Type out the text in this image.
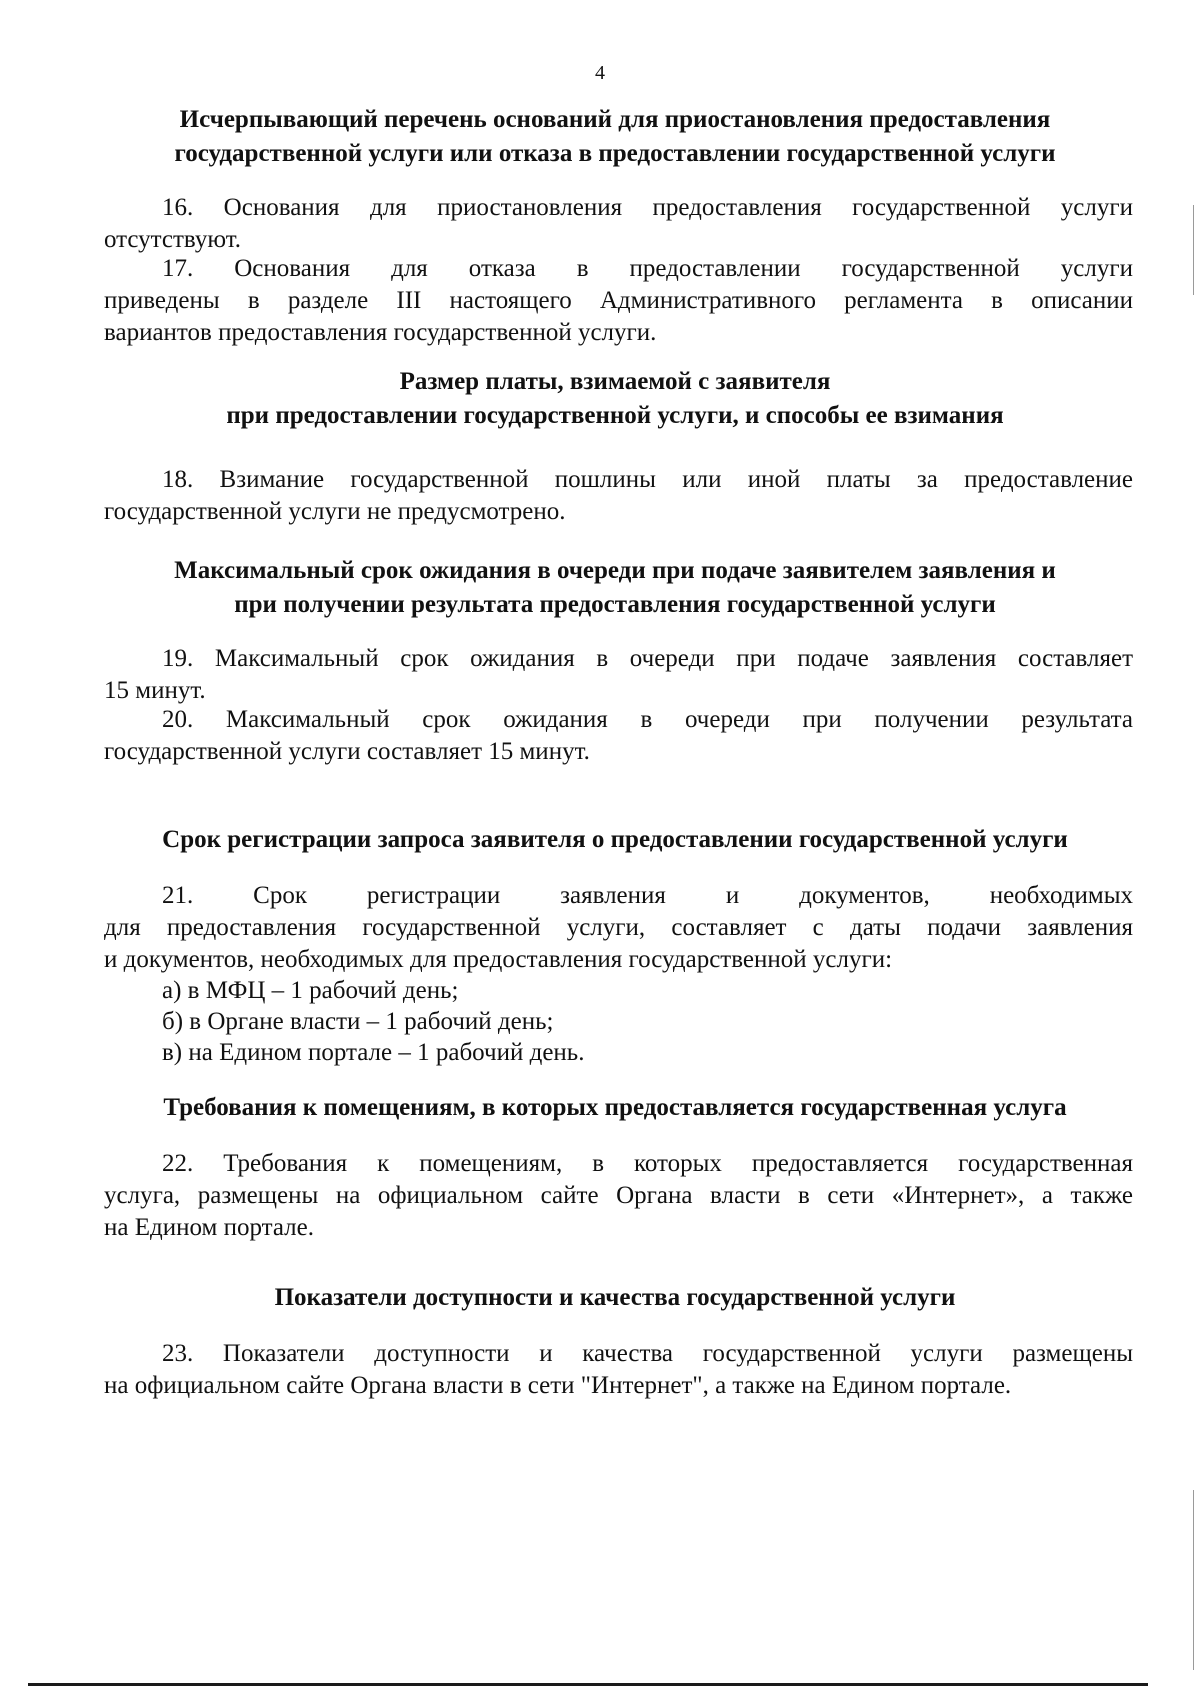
4
Исчерпывающий перечень оснований для приостановления предоставления
государственной услуги или отказа в предоставлении государственной услуги

16. Основания для приостановления предоставления государственной услуги
отсутствуют.

17. Основания для отказа в предоставлении государственной услуги
приведены в разделе III настоящего Административного регламента в описании
вариантов предоставления государственной услуги.

Размер платы, взимаемой с заявителя
при предоставлении государственной услуги, и способы ее взимания

18. Взимание государственной пошлины или иной платы за предоставление
государственной услуги не предусмотрено.

Максимальный срок ожидания в очереди при подаче заявителем заявления и
при получении результата предоставления государственной услуги

19. Максимальный срок ожидания в очереди при подаче заявления составляет
15 минут.

20. Максимальный срок ожидания в очереди при получении результата
государственной услуги составляет 15 минут.

Срок регистрации запроса заявителя о предоставлении государственной услуги

21. Срок регистрации заявления и документов, необходимых
для предоставления государственной услуги, составляет с даты подачи заявления
и документов, необходимых для предоставления государственной услуги:

а) в МФЦ – 1 рабочий день;

б) в Органе власти – 1 рабочий день;

в) на Едином портале – 1 рабочий день.

Требования к помещениям, в которых предоставляется государственная услуга

22. Требования к помещениям, в которых предоставляется государственная
услуга, размещены на официальном сайте Органа власти в сети «Интернет», а также
на Едином портале.

Показатели доступности и качества государственной услуги

23. Показатели доступности и качества государственной услуги размещены
на официальном сайте Органа власти в сети "Интернет", а также на Едином портале.
